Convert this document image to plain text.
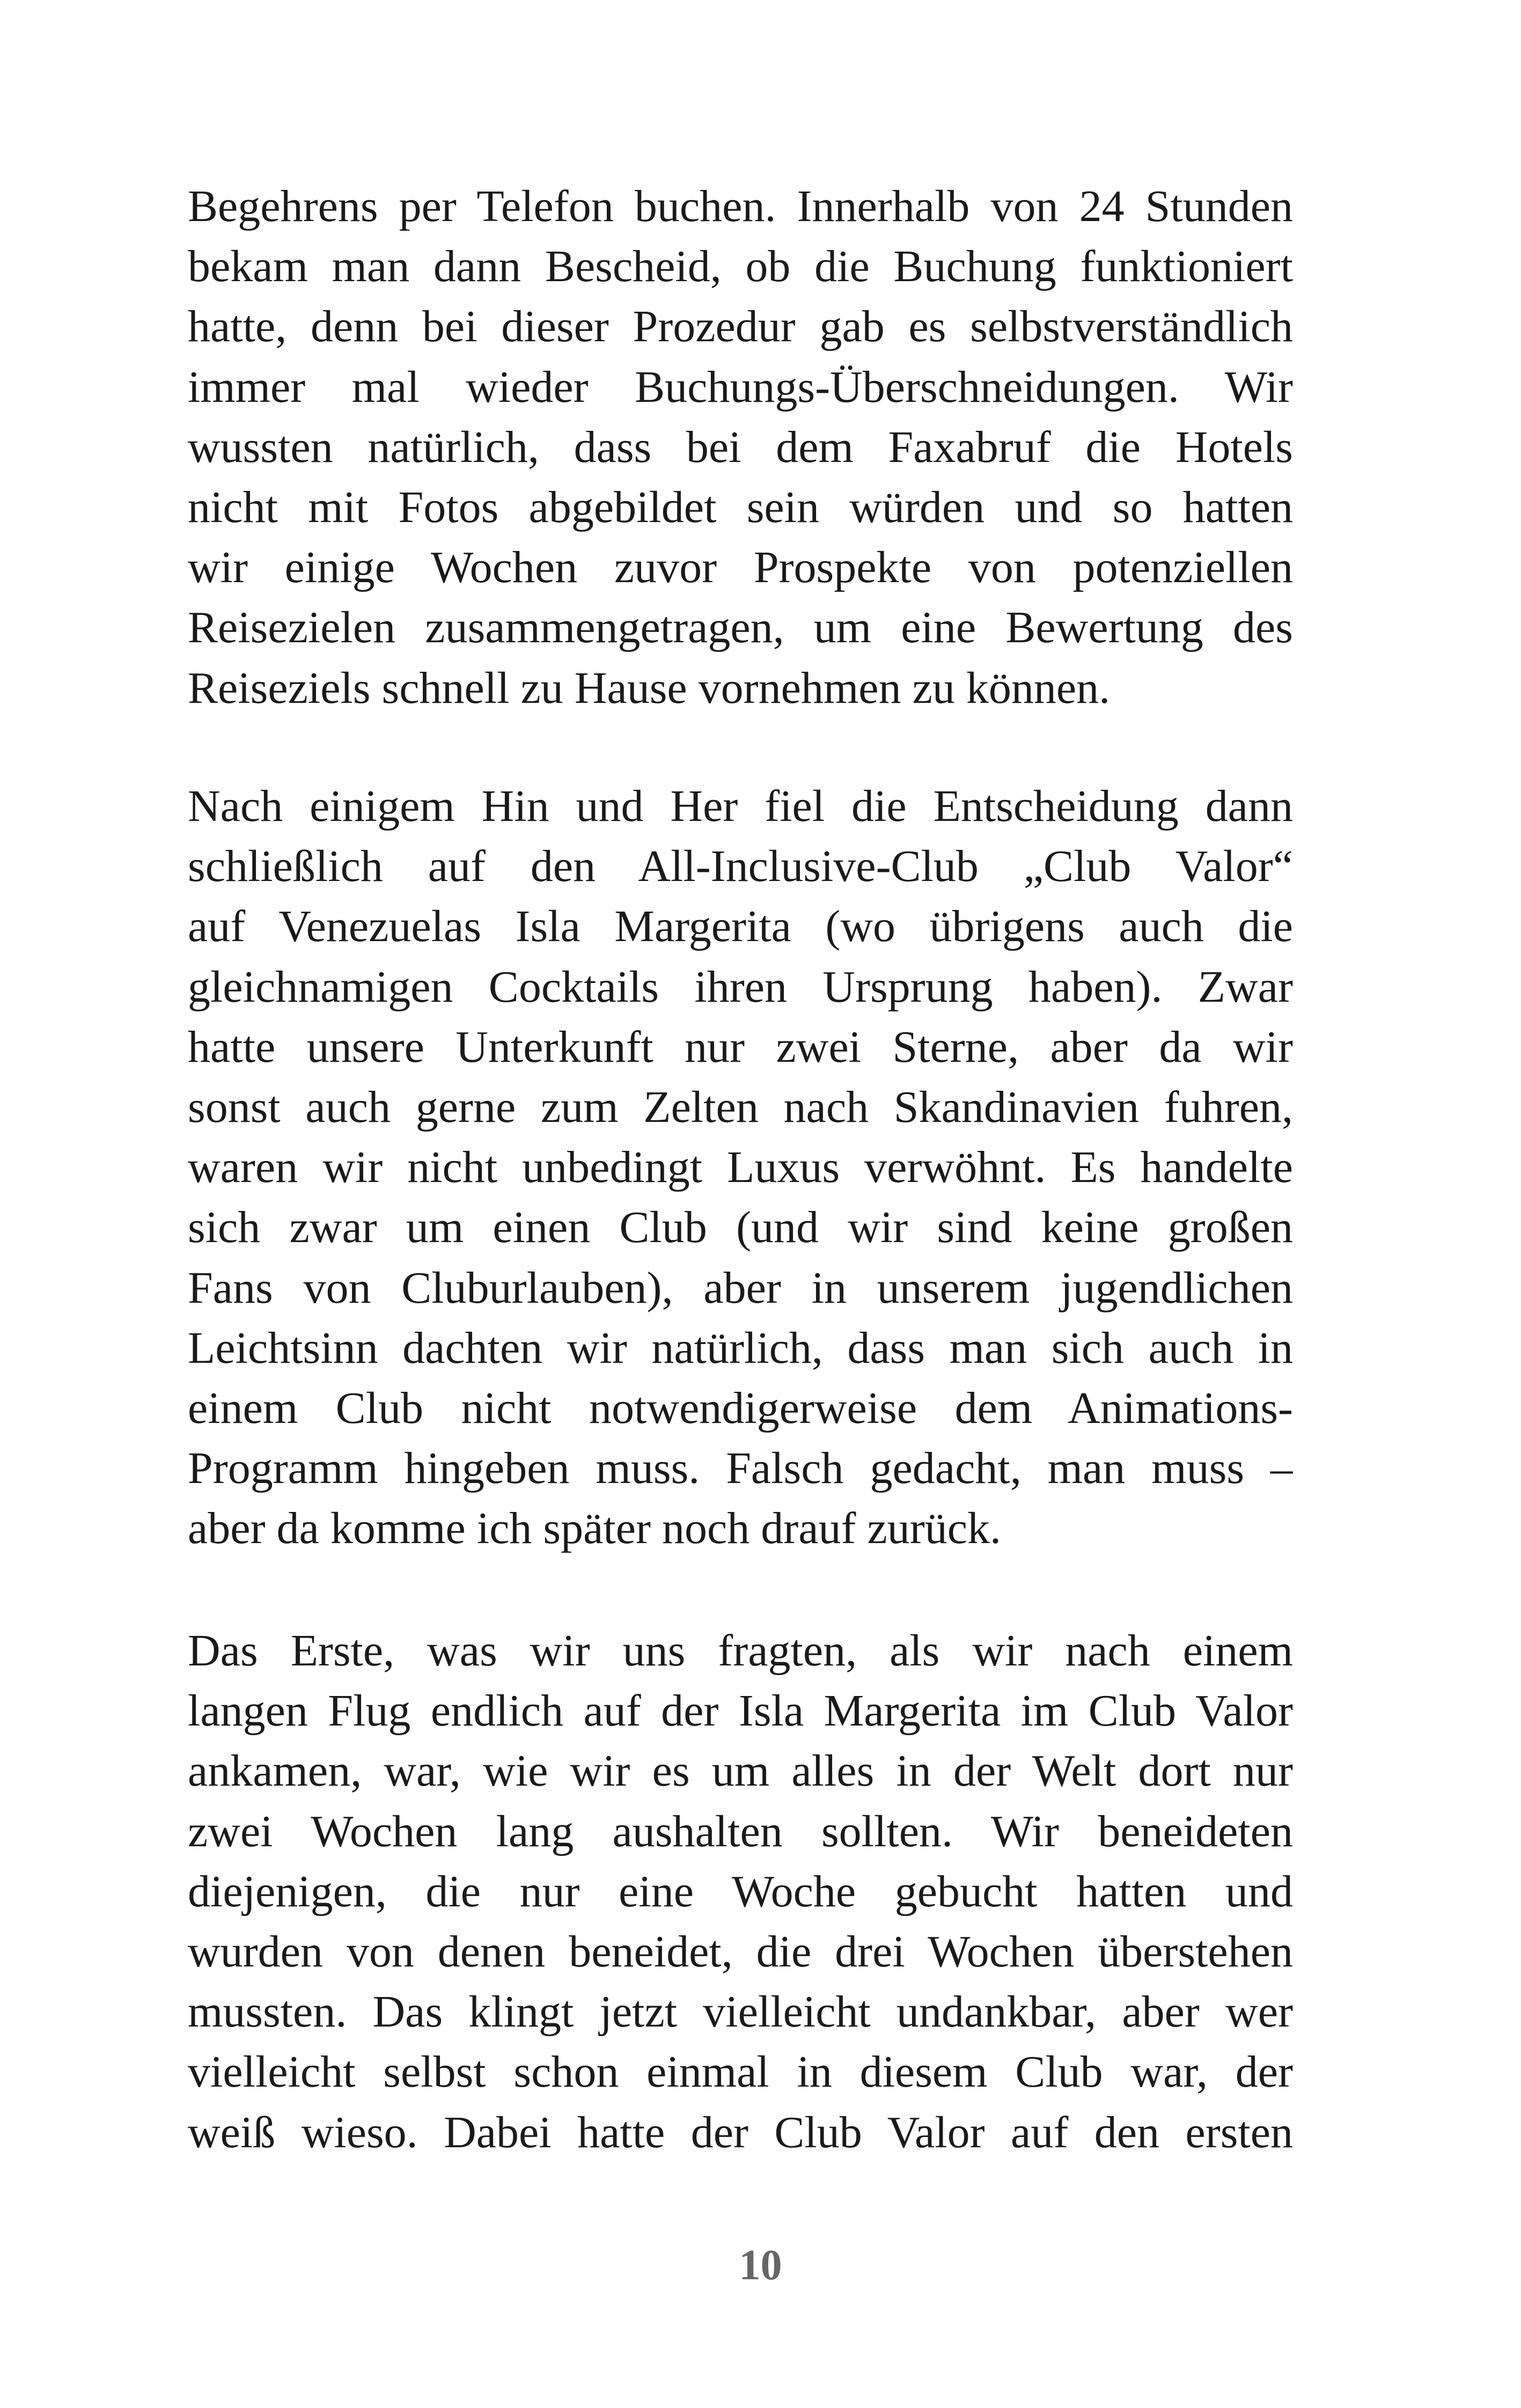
Begehrens per Telefon buchen. Innerhalb von 24 Stunden
bekam man dann Bescheid, ob die Buchung funktioniert
hatte, denn bei dieser Prozedur gab es selbstverständlich
immer mal wieder Buchungs-Überschneidungen. Wir
wussten natürlich, dass bei dem Faxabruf die Hotels
nicht mit Fotos abgebildet sein würden und so hatten
wir einige Wochen zuvor Prospekte von potenziellen
Reisezielen zusammengetragen, um eine Bewertung des
Reiseziels schnell zu Hause vornehmen zu können.
Nach einigem Hin und Her fiel die Entscheidung dann
schließlich auf den All-Inclusive-Club „Club Valor“
auf Venezuelas Isla Margerita (wo übrigens auch die
gleichnamigen Cocktails ihren Ursprung haben). Zwar
hatte unsere Unterkunft nur zwei Sterne, aber da wir
sonst auch gerne zum Zelten nach Skandinavien fuhren,
waren wir nicht unbedingt Luxus verwöhnt. Es handelte
sich zwar um einen Club (und wir sind keine großen
Fans von Cluburlauben), aber in unserem jugendlichen
Leichtsinn dachten wir natürlich, dass man sich auch in
einem Club nicht notwendigerweise dem Animations-
Programm hingeben muss. Falsch gedacht, man muss –
aber da komme ich später noch drauf zurück.
Das Erste, was wir uns fragten, als wir nach einem
langen Flug endlich auf der Isla Margerita im Club Valor
ankamen, war, wie wir es um alles in der Welt dort nur
zwei Wochen lang aushalten sollten. Wir beneideten
diejenigen, die nur eine Woche gebucht hatten und
wurden von denen beneidet, die drei Wochen überstehen
mussten. Das klingt jetzt vielleicht undankbar, aber wer
vielleicht selbst schon einmal in diesem Club war, der
weiß wieso. Dabei hatte der Club Valor auf den ersten
10
